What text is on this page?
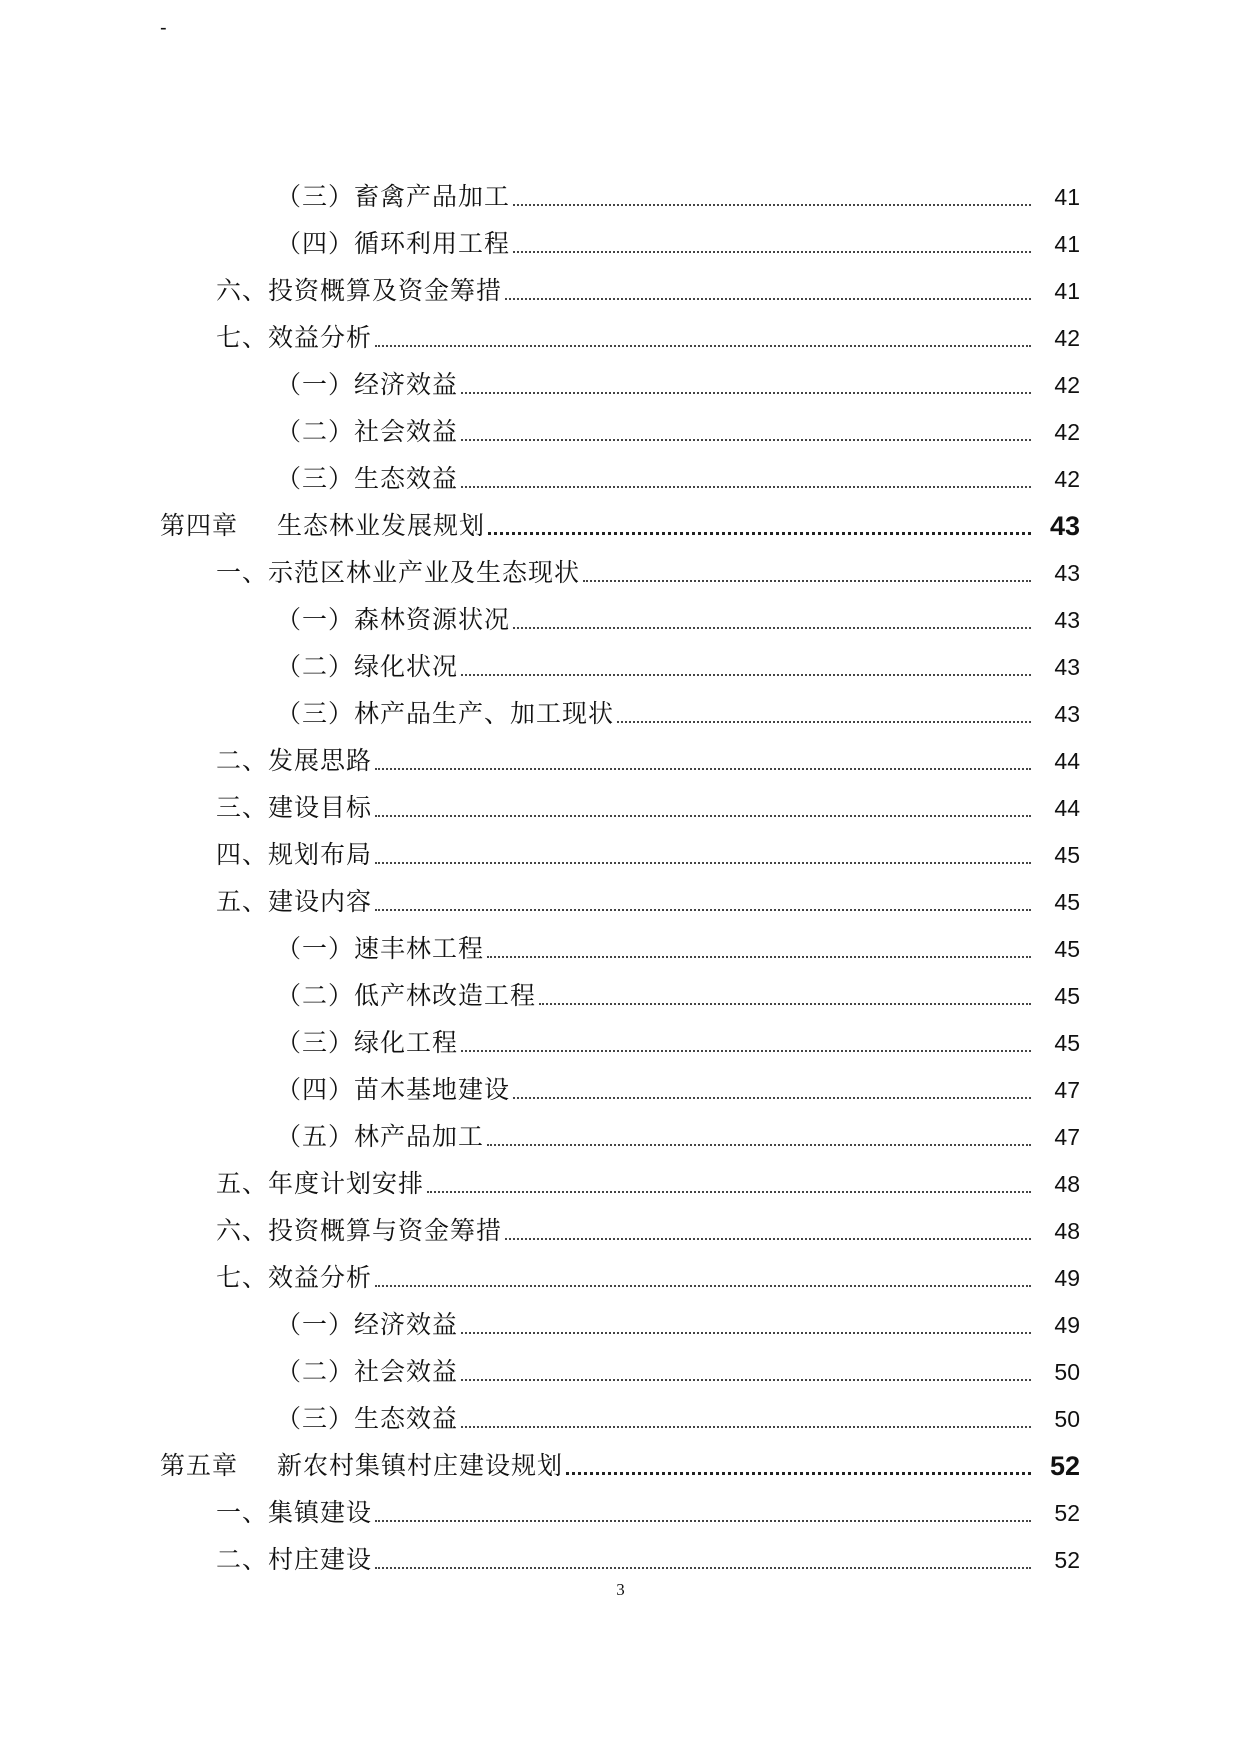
-
（三）畜禽产品加工	41
（四）循环利用工程	41
六、投资概算及资金筹措	41
七、效益分析	42
（一）经济效益	42
（二）社会效益	42
（三）生态效益	42
第四章 生态林业发展规划	43
一、示范区林业产业及生态现状	43
（一）森林资源状况	43
（二）绿化状况	43
（三）林产品生产、加工现状	43
二、发展思路	44
三、建设目标	44
四、规划布局	45
五、建设内容	45
（一）速丰林工程	45
（二）低产林改造工程	45
（三）绿化工程	45
（四）苗木基地建设	47
（五）林产品加工	47
五、年度计划安排	48
六、投资概算与资金筹措	48
七、效益分析	49
（一）经济效益	49
（二）社会效益	50
（三）生态效益	50
第五章 新农村集镇村庄建设规划	52
一、集镇建设	52
二、村庄建设	52
3
